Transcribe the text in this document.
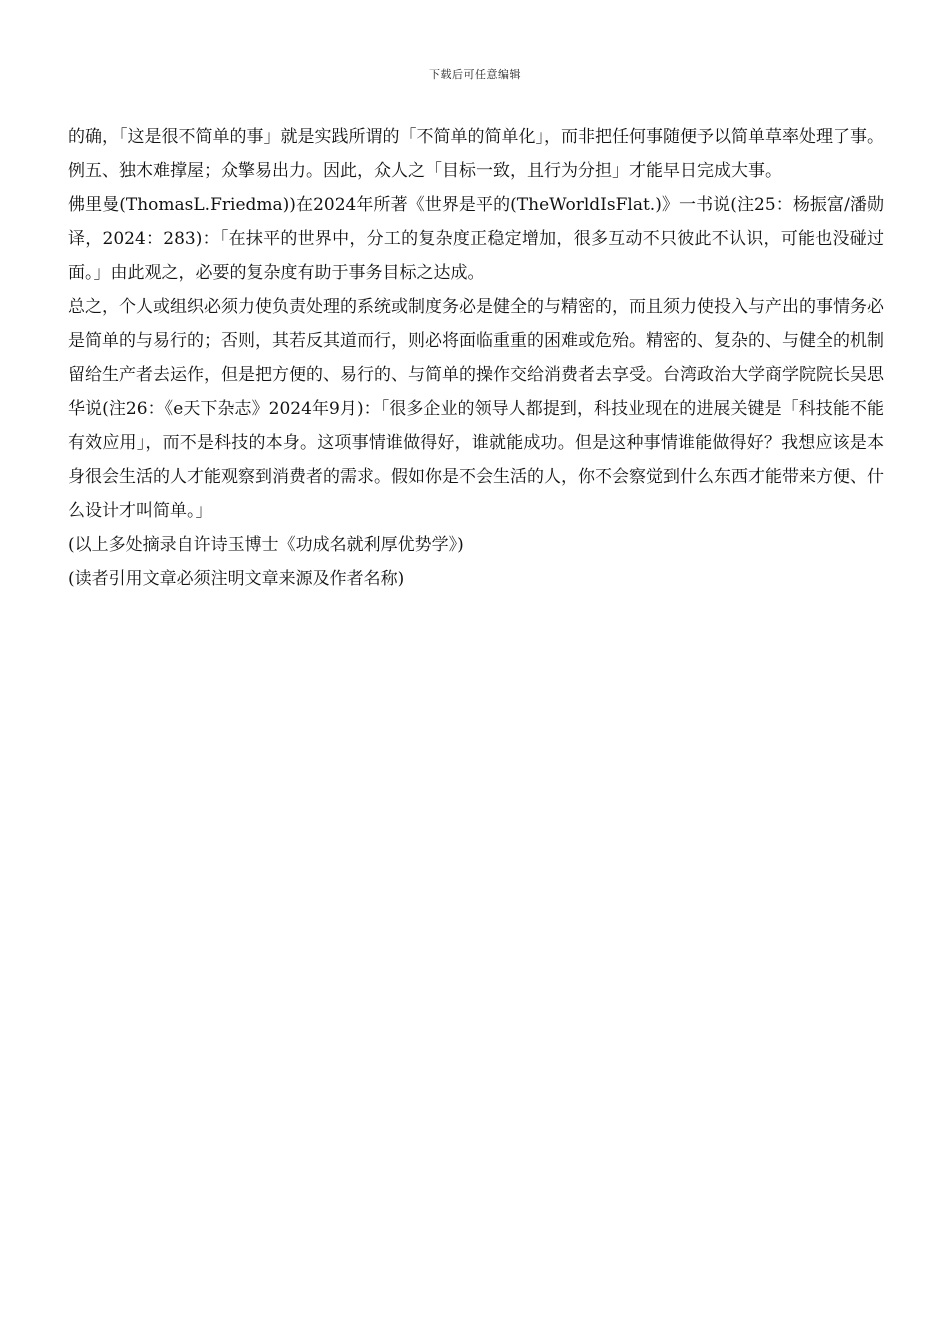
下载后可任意编辑

的确，「这是很不简单的事」就是实践所谓的「不简单的简单化」，而非把任何事随便予以简单草率处理了事。

例五、独木难撑屋；众擎易出力。因此，众人之「目标一致，且行为分担」才能早日完成大事。

佛里曼(ThomasL.Friedma))在2024年所著《世界是平的(TheWorldIsFlat.)》一书说(注25：杨振富/潘勋译，2024：283)：「在抹平的世界中，分工的复杂度正稳定增加，很多互动不只彼此不认识，可能也没碰过面。」由此观之，必要的复杂度有助于事务目标之达成。

总之，个人或组织必须力使负责处理的系统或制度务必是健全的与精密的，而且须力使投入与产出的事情务必是简单的与易行的；否则，其若反其道而行，则必将面临重重的困难或危殆。精密的、复杂的、与健全的机制留给生产者去运作，但是把方便的、易行的、与简单的操作交给消费者去享受。台湾政治大学商学院院长吴思华说(注26：《e天下杂志》2024年9月)：「很多企业的领导人都提到，科技业现在的进展关键是「科技能不能有效应用」，而不是科技的本身。这项事情谁做得好，谁就能成功。但是这种事情谁能做得好？我想应该是本身很会生活的人才能观察到消费者的需求。假如你是不会生活的人，你不会察觉到什么东西才能带来方便、什么设计才叫简单。」

(以上多处摘录自许诗玉博士《功成名就利厚优势学》)

(读者引用文章必须注明文章来源及作者名称)
